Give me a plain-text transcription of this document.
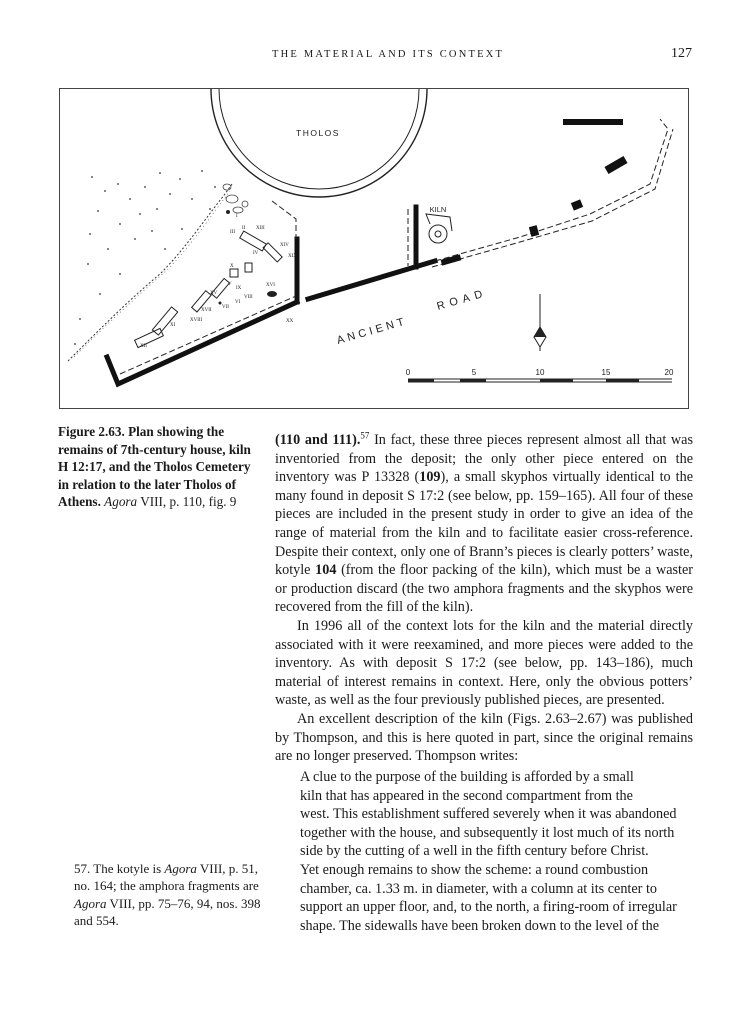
THE MATERIAL AND ITS CONTEXT	127
THOLOS
KILN
I
II
III
IV
V
VI
VII
VIII
IX
X
XI
XII
XIII
XIV
XV
XVI
XVII
XVIII
XIX
XX	ANCIENT
ROAD
0	5	10	15	20
Figure 2.63. Plan showing the remains of 7th-century house, kiln H 12:17, and the Tholos Cemetery in relation to the later Tholos of Athens. Agora VIII, p. 110, fig. 9

(110 and 111).$^{57}$ In fact, these three pieces represent almost all that was inventoried from the deposit; the only other piece entered on the inventory was P 13328 (109), a small skyphos virtually identical to the many found in deposit S 17:2 (see below, pp. 159–165). All four of these pieces are included in the present study in order to give an idea of the range of material from the kiln and to facilitate easier cross-reference. Despite their context, only one of Brann’s pieces is clearly potters’ waste, kotyle 104 (from the floor packing of the kiln), which must be a waster or production discard (the two amphora fragments and the skyphos were recovered from the fill of the kiln).

In 1996 all of the context lots for the kiln and the material directly associated with it were reexamined, and more pieces were added to the inventory. As with deposit S 17:2 (see below, pp. 143–186), much material of interest remains in context. Here, only the obvious potters’ waste, as well as the four previously published pieces, are presented.

An excellent description of the kiln (Figs. 2.63–2.67) was published by Thompson, and this is here quoted in part, since the original remains are no longer preserved. Thompson writes:

A clue to the purpose of the building is afforded by a small
kiln that has appeared in the second compartment from the
west. This establishment suffered severely when it was abandoned
together with the house, and subsequently it lost much of its north
side by the cutting of a well in the fifth century before Christ.
Yet enough remains to show the scheme: a round combustion
chamber, ca. 1.33 m. in diameter, with a column at its center to
support an upper floor, and, to the north, a firing-room of irregular
shape. The sidewalls have been broken down to the level of the
57. The kotyle is Agora VIII, p. 51, no. 164; the amphora fragments are Agora VIII, pp. 75–76, 94, nos. 398 and 554.
